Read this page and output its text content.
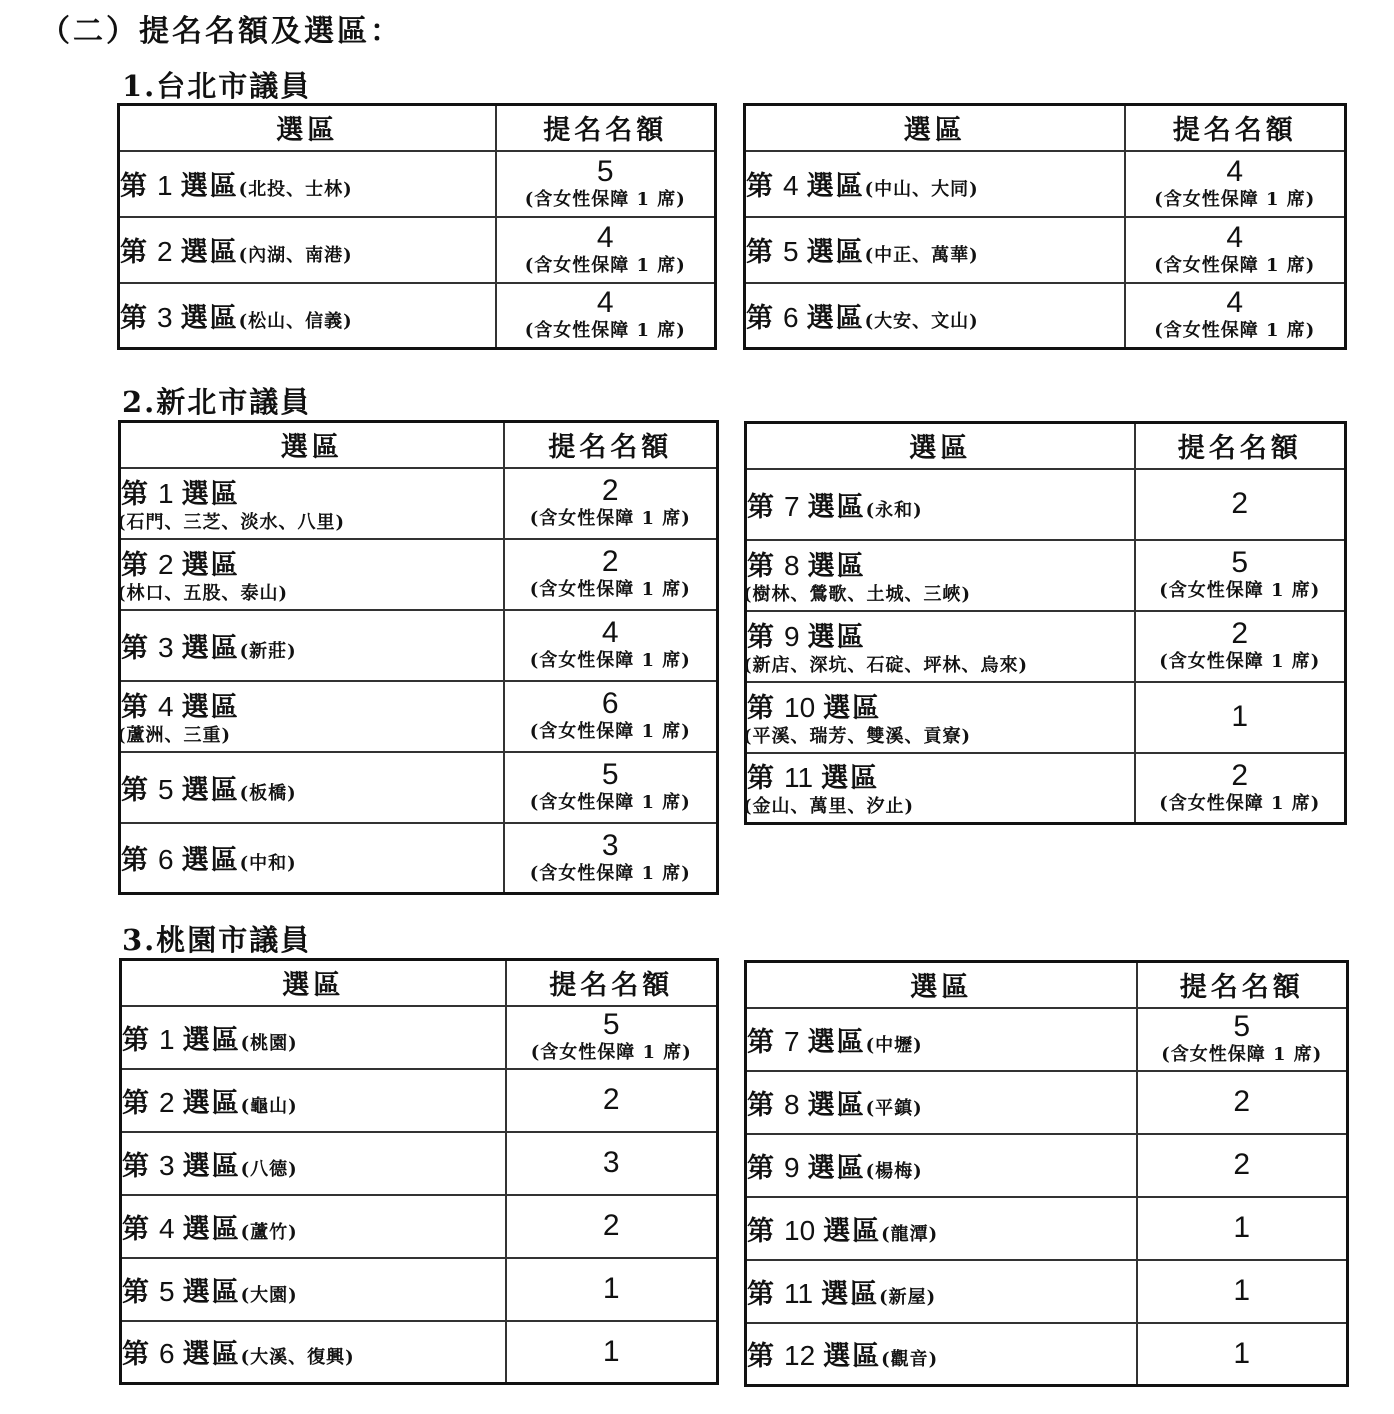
（二）提名名額及選區：
1.台北市議員
選區	提名名額
第 1 選區(北投、士林)	5
(含女性保障 1 席)

第 2 選區(內湖、南港)	4
(含女性保障 1 席)

第 3 選區(松山、信義)	4
(含女性保障 1 席)
選區	提名名額
第 4 選區(中山、大同)	4
(含女性保障 1 席)

第 5 選區(中正、萬華)	4
(含女性保障 1 席)

第 6 選區(大安、文山)	4
(含女性保障 1 席)
2.新北市議員
選區	提名名額
第 1 選區
(石門、三芝、淡水、八里)	2
(含女性保障 1 席)

第 2 選區
(林口、五股、泰山)	2
(含女性保障 1 席)

第 3 選區(新莊)	4
(含女性保障 1 席)

第 4 選區
(蘆洲、三重)	6
(含女性保障 1 席)

第 5 選區(板橋)	5
(含女性保障 1 席)

第 6 選區(中和)	3
(含女性保障 1 席)
選區	提名名額
第 7 選區(永和)	2

第 8 選區
(樹林、鶯歌、土城、三峽)	5
(含女性保障 1 席)

第 9 選區
(新店、深坑、石碇、坪林、烏來)	2
(含女性保障 1 席)

第 10 選區
(平溪、瑞芳、雙溪、貢寮)	1

第 11 選區
(金山、萬里、汐止)	2
(含女性保障 1 席)
3.桃園市議員
選區	提名名額
第 1 選區(桃園)	5
(含女性保障 1 席)

第 2 選區(龜山)	2

第 3 選區(八德)	3

第 4 選區(蘆竹)	2

第 5 選區(大園)	1

第 6 選區(大溪、復興)	1
選區	提名名額
第 7 選區(中壢)	5
(含女性保障 1 席)

第 8 選區(平鎮)	2

第 9 選區(楊梅)	2

第 10 選區(龍潭)	1

第 11 選區(新屋)	1

第 12 選區(觀音)	1
